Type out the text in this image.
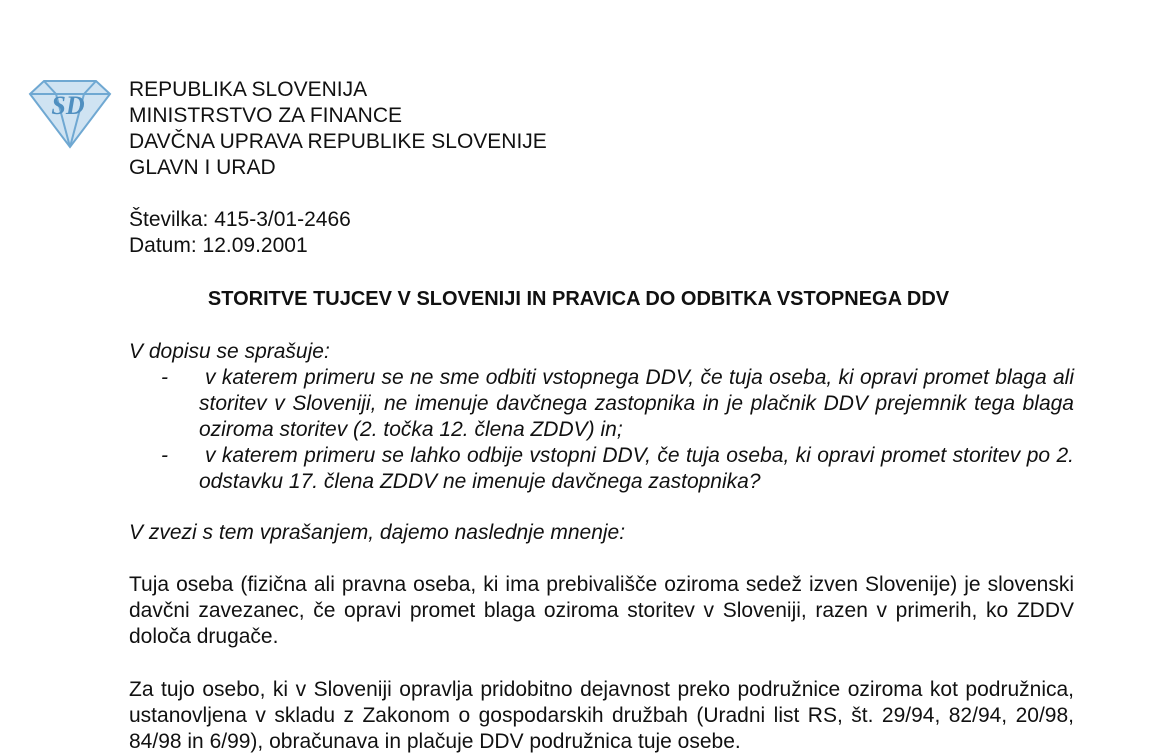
SD
REPUBLIKA SLOVENIJA
MINISTRSTVO ZA FINANCE
DAVČNA UPRAVA REPUBLIKE SLOVENIJE
GLAVN I URAD
Številka: 415-3/01-2466
Datum: 12.09.2001
STORITVE TUJCEV V SLOVENIJI IN PRAVICA DO ODBITKA VSTOPNEGA DDV
V dopisu se sprašuje:
- v katerem primeru se ne sme odbiti vstopnega DDV, če tuja oseba, ki opravi promet blaga ali storitev v Sloveniji, ne imenuje davčnega zastopnika in je plačnik DDV prejemnik tega blaga oziroma storitev (2. točka 12. člena ZDDV) in;
- v katerem primeru se lahko odbije vstopni DDV, če tuja oseba, ki opravi promet storitev po 2. odstavku 17. člena ZDDV ne imenuje davčnega zastopnika?
V zvezi s tem vprašanjem, dajemo naslednje mnenje:
Tuja oseba (fizična ali pravna oseba, ki ima prebivališče oziroma sedež izven Slovenije) je slovenski davčni zavezanec, če opravi promet blaga oziroma storitev v Sloveniji, razen v primerih, ko ZDDV določa drugače.
Za tujo osebo, ki v Sloveniji opravlja pridobitno dejavnost preko podružnice oziroma kot podružnica, ustanovljena v skladu z Zakonom o gospodarskih družbah (Uradni list RS, št. 29/94, 82/94, 20/98, 84/98 in 6/99), obračunava in plačuje DDV podružnica tuje osebe.
